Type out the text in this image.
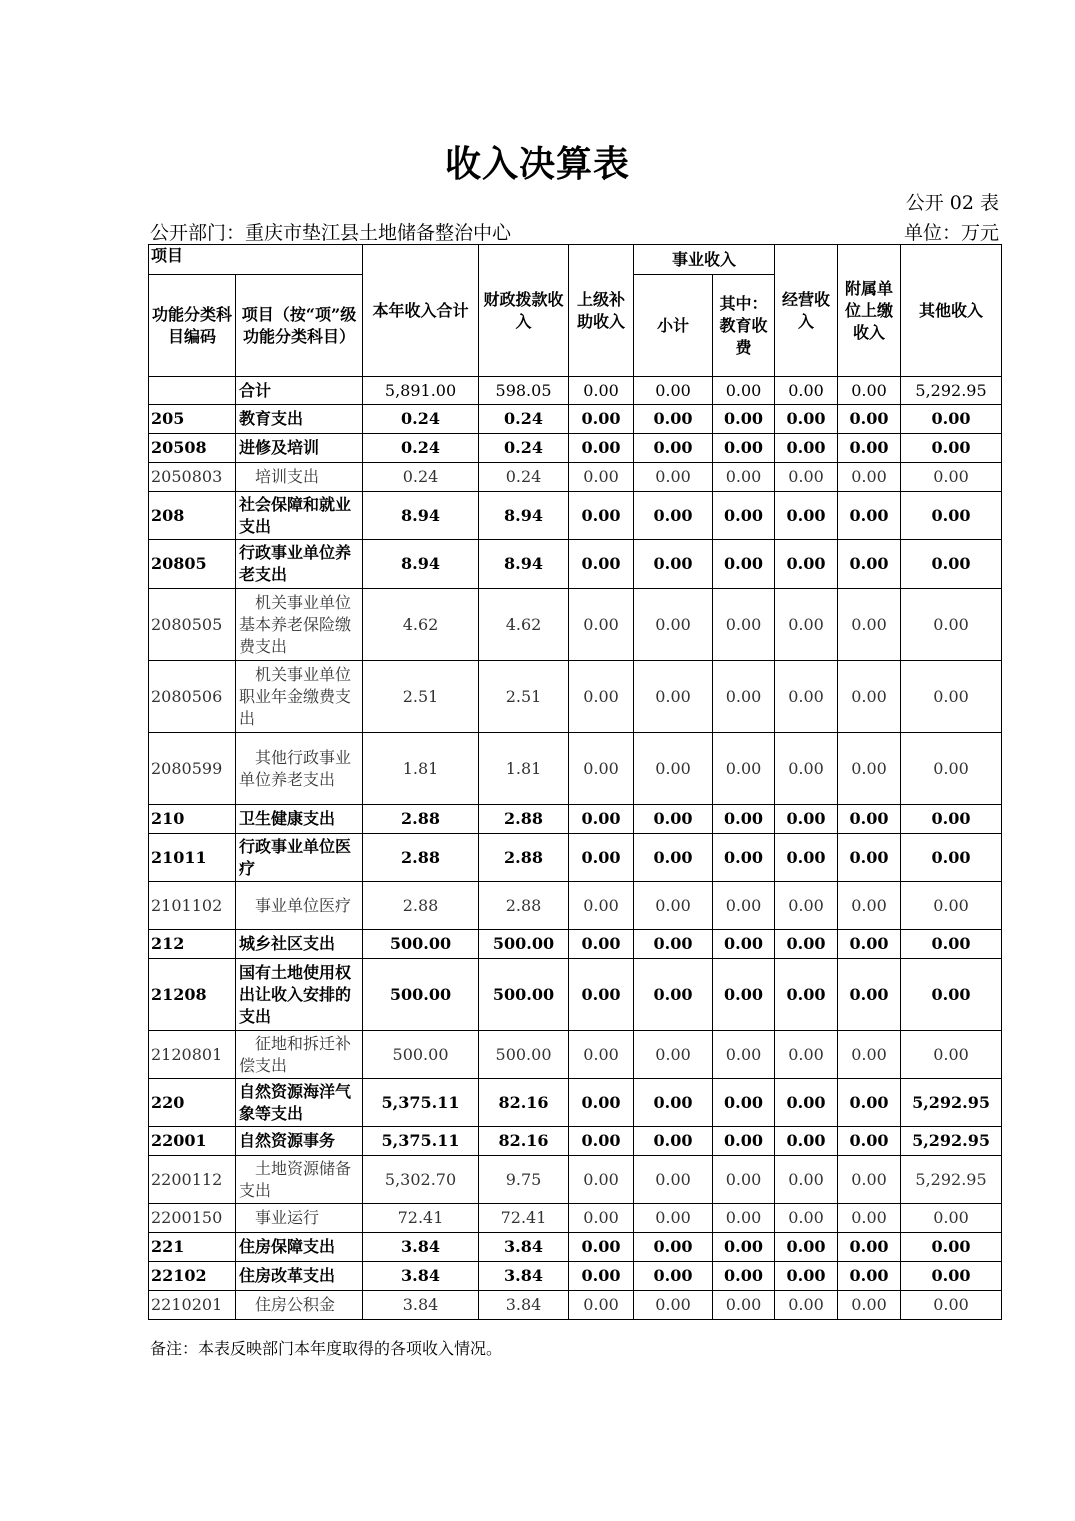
收入决算表
公开 02 表
公开部门：重庆市垫江县土地储备整治中心	单位：万元
项目		本年收入合计	财政拨款收入	上级补助收入	事业收入		经营收入	附属单位上缴收入	其他收入
功能分类科目编码	项目（按“项”级功能分类科目）				小计	其中：教育收费			

	合计	5,891.00	598.05	0.00	0.00	0.00	0.00	0.00	5,292.95
205	教育支出	0.24	0.24	0.00	0.00	0.00	0.00	0.00	0.00
20508	进修及培训	0.24	0.24	0.00	0.00	0.00	0.00	0.00	0.00
2050803	培训支出	0.24	0.24	0.00	0.00	0.00	0.00	0.00	0.00
208	社会保障和就业支出	8.94	8.94	0.00	0.00	0.00	0.00	0.00	0.00
20805	行政事业单位养老支出	8.94	8.94	0.00	0.00	0.00	0.00	0.00	0.00
2080505	机关事业单位基本养老保险缴费支出	4.62	4.62	0.00	0.00	0.00	0.00	0.00	0.00
2080506	机关事业单位职业年金缴费支出	2.51	2.51	0.00	0.00	0.00	0.00	0.00	0.00
2080599	其他行政事业单位养老支出	1.81	1.81	0.00	0.00	0.00	0.00	0.00	0.00
210	卫生健康支出	2.88	2.88	0.00	0.00	0.00	0.00	0.00	0.00
21011	行政事业单位医疗	2.88	2.88	0.00	0.00	0.00	0.00	0.00	0.00
2101102	事业单位医疗	2.88	2.88	0.00	0.00	0.00	0.00	0.00	0.00
212	城乡社区支出	500.00	500.00	0.00	0.00	0.00	0.00	0.00	0.00
21208	国有土地使用权出让收入安排的支出	500.00	500.00	0.00	0.00	0.00	0.00	0.00	0.00
2120801	征地和拆迁补偿支出	500.00	500.00	0.00	0.00	0.00	0.00	0.00	0.00
220	自然资源海洋气象等支出	5,375.11	82.16	0.00	0.00	0.00	0.00	0.00	5,292.95
22001	自然资源事务	5,375.11	82.16	0.00	0.00	0.00	0.00	0.00	5,292.95
2200112	土地资源储备支出	5,302.70	9.75	0.00	0.00	0.00	0.00	0.00	5,292.95
2200150	事业运行	72.41	72.41	0.00	0.00	0.00	0.00	0.00	0.00
221	住房保障支出	3.84	3.84	0.00	0.00	0.00	0.00	0.00	0.00
22102	住房改革支出	3.84	3.84	0.00	0.00	0.00	0.00	0.00	0.00
2210201	住房公积金	3.84	3.84	0.00	0.00	0.00	0.00	0.00	0.00
备注：本表反映部门本年度取得的各项收入情况。
